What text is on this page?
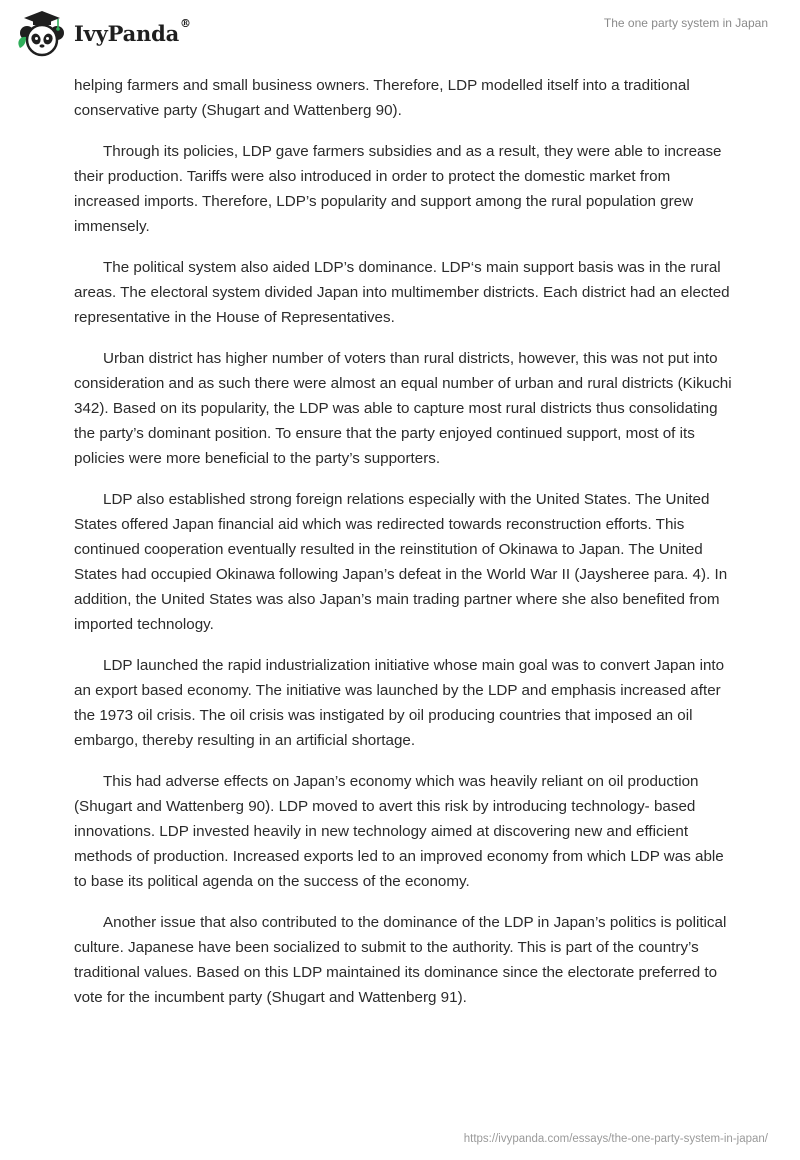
IvyPanda®	The one party system in Japan

helping farmers and small business owners. Therefore, LDP modelled itself into a traditional conservative party (Shugart and Wattenberg 90).

Through its policies, LDP gave farmers subsidies and as a result, they were able to increase their production. Tariffs were also introduced in order to protect the domestic market from increased imports. Therefore, LDP’s popularity and support among the rural population grew immensely.

The political system also aided LDP’s dominance. LDP‘s main support basis was in the rural areas. The electoral system divided Japan into multimember districts. Each district had an elected representative in the House of Representatives.

Urban district has higher number of voters than rural districts, however, this was not put into consideration and as such there were almost an equal number of urban and rural districts (Kikuchi 342). Based on its popularity, the LDP was able to capture most rural districts thus consolidating the party’s dominant position. To ensure that the party enjoyed continued support, most of its policies were more beneficial to the party’s supporters.

LDP also established strong foreign relations especially with the United States. The United States offered Japan financial aid which was redirected towards reconstruction efforts. This continued cooperation eventually resulted in the reinstitution of Okinawa to Japan. The United States had occupied Okinawa following Japan’s defeat in the World War II (Jaysheree para. 4). In addition, the United States was also Japan’s main trading partner where she also benefited from imported technology.

LDP launched the rapid industrialization initiative whose main goal was to convert Japan into an export based economy. The initiative was launched by the LDP and emphasis increased after the 1973 oil crisis. The oil crisis was instigated by oil producing countries that imposed an oil embargo, thereby resulting in an artificial shortage.

This had adverse effects on Japan’s economy which was heavily reliant on oil production (Shugart and Wattenberg 90). LDP moved to avert this risk by introducing technology- based innovations. LDP invested heavily in new technology aimed at discovering new and efficient methods of production. Increased exports led to an improved economy from which LDP was able to base its political agenda on the success of the economy.

Another issue that also contributed to the dominance of the LDP in Japan’s politics is political culture. Japanese have been socialized to submit to the authority. This is part of the country’s traditional values. Based on this LDP maintained its dominance since the electorate preferred to vote for the incumbent party (Shugart and Wattenberg 91).

https://ivypanda.com/essays/the-one-party-system-in-japan/
